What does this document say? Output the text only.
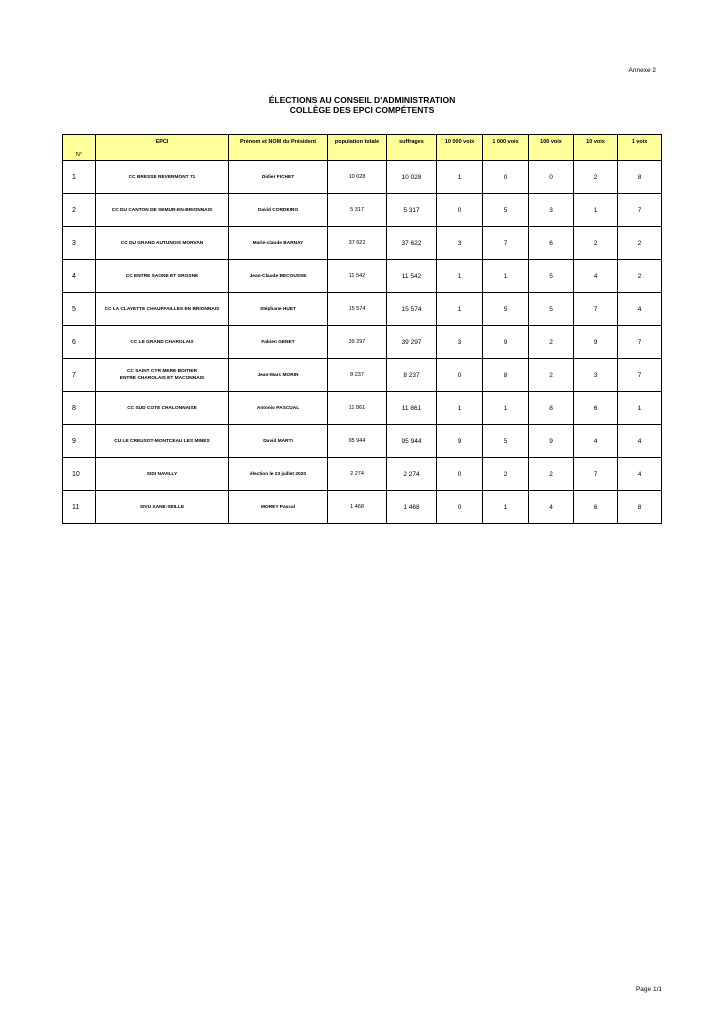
Annexe 2
ÉLECTIONS AU CONSEIL D'ADMINISTRATION
COLLÈGE DES EPCI COMPÉTENTS
N°	EPCI	Prénom et NOM du Président	population totale	suffrages	10 000 voix	1 000 voix	100 voix	10 voix	1 voix
1	CC BRESSE REVERMONT 71	Didier FICHET	10 028	10 028	1	0	0	2	8
2	CC DU CANTON DE SEMUR-EN-BRIONNAIS	David CORDEIRO	5 317	5 317	0	5	3	1	7
3	CC DU GRAND AUTUNOIS MORVAN	Marie-claude BARNAY	37 622	37 622	3	7	6	2	2
4	CC ENTRE SAONE ET GROSNE	Jean-Claude BECOUSSE	11 542	11 542	1	1	5	4	2
5	CC LA CLAYETTE CHAUFFAILLES EN BRIONNAIS	Stéphane HUET	15 574	15 574	1	5	5	7	4
6	CC LE GRAND CHAROLAIS	Fabien GENET	39 297	39 297	3	9	2	9	7
7	CC SAINT CYR MERE BOITIER
ENTRE CHAROLAIS ET MACONNAIS	Jean-Marc MORIN	8 237	8 237	0	8	2	3	7
8	CC SUD COTE CHALONNAISE	Antonio PASCUAL	11 861	11 861	1	1	8	6	1
9	CU LE CREUSOT-MONTCEAU LES MINES	David MARTI	95 944	95 944	9	5	9	4	4
10	SIDI NAVILLY	élection le 23 juillet 2020	2 274	2 274	0	2	2	7	4
11	SIVU SANE-SEILLE	MOREY Pascal	1 468	1 468	0	1	4	6	8
Page 1/1
